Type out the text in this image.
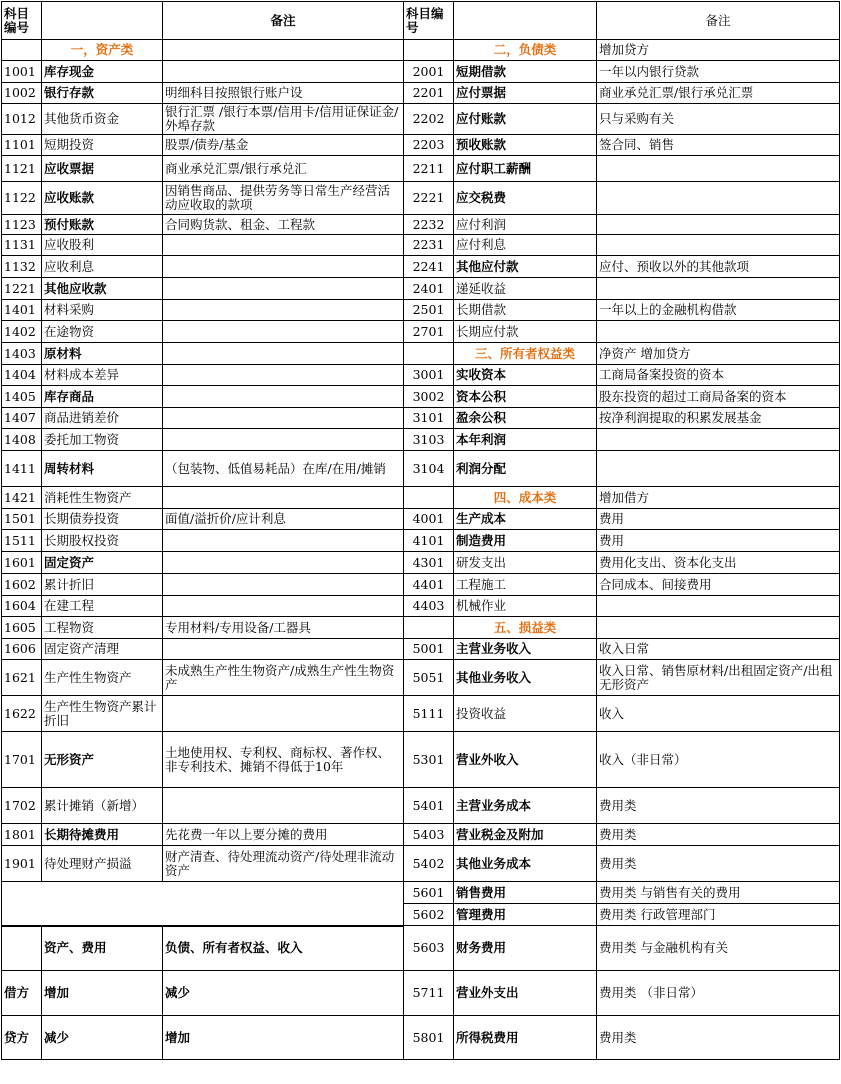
科目编号		备注	科目编号		备注
	一，资产类			二，负债类	增加贷方
1001	库存现金		2001	短期借款	一年以内银行贷款
1002	银行存款	明细科目按照银行账户设	2201	应付票据	商业承兑汇票/银行承兑汇票
1012	其他货币资金	银行汇票 /银行本票/信用卡/信用证保证金/外埠存款	2202	应付账款	只与采购有关
1101	短期投资	股票/债券/基金	2203	预收账款	签合同、销售
1121	应收票据	商业承兑汇票/银行承兑汇	2211	应付职工薪酬	
1122	应收账款	因销售商品、提供劳务等日常生产经营活动应收取的款项	2221	应交税费	
1123	预付账款	合同购货款、租金、工程款	2232	应付利润	
1131	应收股利		2231	应付利息	
1132	应收利息		2241	其他应付款	应付、预收以外的其他款项
1221	其他应收款		2401	递延收益	
1401	材料采购		2501	长期借款	一年以上的金融机构借款
1402	在途物资		2701	长期应付款	
1403	原材料			三、所有者权益类	净资产 增加贷方
1404	材料成本差异		3001	实收资本	工商局备案投资的资本
1405	库存商品		3002	资本公积	股东投资的超过工商局备案的资本
1407	商品进销差价		3101	盈余公积	按净利润提取的积累发展基金
1408	委托加工物资		3103	本年利润	
1411	周转材料	（包装物、低值易耗品）在库/在用/摊销	3104	利润分配	
1421	消耗性生物资产			四、成本类	增加借方
1501	长期债券投资	面值/溢折价/应计利息	4001	生产成本	费用
1511	长期股权投资		4101	制造费用	费用
1601	固定资产		4301	研发支出	费用化支出、资本化支出
1602	累计折旧		4401	工程施工	合同成本、间接费用
1604	在建工程		4403	机械作业	
1605	工程物资	专用材料/专用设备/工器具		五、损益类	
1606	固定资产清理		5001	主营业务收入	收入日常
1621	生产性生物资产	未成熟生产性生物资产/成熟生产性生物资产	5051	其他业务收入	收入日常、销售原材料/出租固定资产/出租无形资产
1622	生产性生物资产累计折旧		5111	投资收益	收入
1701	无形资产	土地使用权、专利权、商标权、著作权、非专利技术、摊销不得低于10年	5301	营业外收入	收入（非日常）
1702	累计摊销（新增）		5401	主营业务成本	费用类
1801	长期待摊费用	先花费一年以上要分摊的费用	5403	营业税金及附加	费用类
1901	待处理财产损溢	财产清查、待处理流动资产/待处理非流动资产	5402	其他业务成本	费用类
			5601	销售费用	费用类 与销售有关的费用
			5602	管理费用	费用类 行政管理部门
	资产、费用	负债、所有者权益、收入	5603	财务费用	费用类 与金融机构有关
借方	增加	减少	5711	营业外支出	费用类 （非日常）
贷方	减少	增加	5801	所得税费用	费用类
